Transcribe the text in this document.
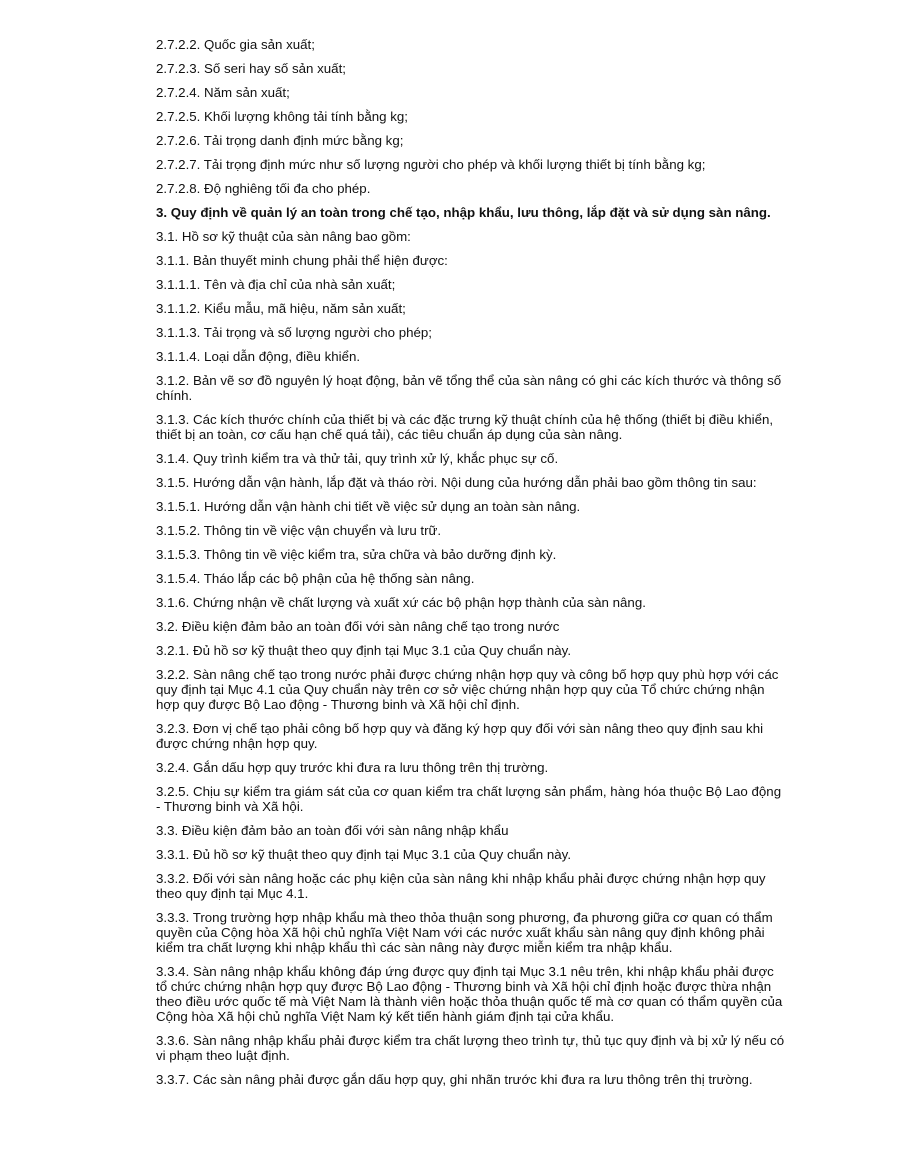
2.7.2.2. Quốc gia sản xuất;

2.7.2.3. Số seri hay số sản xuất;

2.7.2.4. Năm sản xuất;

2.7.2.5. Khối lượng không tải tính bằng kg;

2.7.2.6. Tải trọng danh định mức bằng kg;

2.7.2.7. Tải trọng định mức như số lượng người cho phép và khối lượng thiết bị tính bằng kg;

2.7.2.8. Độ nghiêng tối đa cho phép.

3. Quy định về quản lý an toàn trong chế tạo, nhập khẩu, lưu thông, lắp đặt và sử dụng sàn nâng.

3.1. Hồ sơ kỹ thuật của sàn nâng bao gồm:

3.1.1. Bản thuyết minh chung phải thể hiện được:

3.1.1.1. Tên và địa chỉ của nhà sản xuất;

3.1.1.2. Kiểu mẫu, mã hiệu, năm sản xuất;

3.1.1.3. Tải trọng và số lượng người cho phép;

3.1.1.4. Loại dẫn động, điều khiển.

3.1.2. Bản vẽ sơ đồ nguyên lý hoạt động, bản vẽ tổng thể của sàn nâng có ghi các kích thước và thông số chính.

3.1.3. Các kích thước chính của thiết bị và các đặc trưng kỹ thuật chính của hệ thống (thiết bị điều khiển, thiết bị an toàn, cơ cấu hạn chế quá tải), các tiêu chuẩn áp dụng của sàn nâng.

3.1.4. Quy trình kiểm tra và thử tải, quy trình xử lý, khắc phục sự cố.

3.1.5. Hướng dẫn vận hành, lắp đặt và tháo rời. Nội dung của hướng dẫn phải bao gồm thông tin sau:

3.1.5.1. Hướng dẫn vận hành chi tiết về việc sử dụng an toàn sàn nâng.

3.1.5.2. Thông tin về việc vận chuyển và lưu trữ.

3.1.5.3. Thông tin về việc kiểm tra, sửa chữa và bảo dưỡng định kỳ.

3.1.5.4. Tháo lắp các bộ phận của hệ thống sàn nâng.

3.1.6. Chứng nhận về chất lượng và xuất xứ các bộ phận hợp thành của sàn nâng.

3.2. Điều kiện đảm bảo an toàn đối với sàn nâng chế tạo trong nước

3.2.1. Đủ hồ sơ kỹ thuật theo quy định tại Mục 3.1 của Quy chuẩn này.

3.2.2. Sàn nâng chế tạo trong nước phải được chứng nhận hợp quy và công bố hợp quy phù hợp với các quy định tại Mục 4.1 của Quy chuẩn này trên cơ sở việc chứng nhận hợp quy của Tổ chức chứng nhận hợp quy được Bộ Lao động - Thương binh và Xã hội chỉ định.

3.2.3. Đơn vị chế tạo phải công bố hợp quy và đăng ký hợp quy đối với sàn nâng theo quy định sau khi được chứng nhận hợp quy.

3.2.4. Gắn dấu hợp quy trước khi đưa ra lưu thông trên thị trường.

3.2.5. Chịu sự kiểm tra giám sát của cơ quan kiểm tra chất lượng sản phẩm, hàng hóa thuộc Bộ Lao động - Thương binh và Xã hội.

3.3. Điều kiện đảm bảo an toàn đối với sàn nâng nhập khẩu

3.3.1. Đủ hồ sơ kỹ thuật theo quy định tại Mục 3.1 của Quy chuẩn này.

3.3.2. Đối với sàn nâng hoặc các phụ kiện của sàn nâng khi nhập khẩu phải được chứng nhận hợp quy theo quy định tại Mục 4.1.

3.3.3. Trong trường hợp nhập khẩu mà theo thỏa thuận song phương, đa phương giữa cơ quan có thẩm quyền của Cộng hòa Xã hội chủ nghĩa Việt Nam với các nước xuất khẩu sàn nâng quy định không phải kiểm tra chất lượng khi nhập khẩu thì các sàn nâng này được miễn kiểm tra nhập khẩu.

3.3.4. Sàn nâng nhập khẩu không đáp ứng được quy định tại Mục 3.1 nêu trên, khi nhập khẩu phải được tổ chức chứng nhận hợp quy được Bộ Lao động - Thương binh và Xã hội chỉ định hoặc được thừa nhận theo điều ước quốc tế mà Việt Nam là thành viên hoặc thỏa thuận quốc tế mà cơ quan có thẩm quyền của Cộng hòa Xã hội chủ nghĩa Việt Nam ký kết tiến hành giám định tại cửa khẩu.

3.3.6. Sàn nâng nhập khẩu phải được kiểm tra chất lượng theo trình tự, thủ tục quy định và bị xử lý nếu có vi phạm theo luật định.

3.3.7. Các sàn nâng phải được gắn dấu hợp quy, ghi nhãn trước khi đưa ra lưu thông trên thị trường.
